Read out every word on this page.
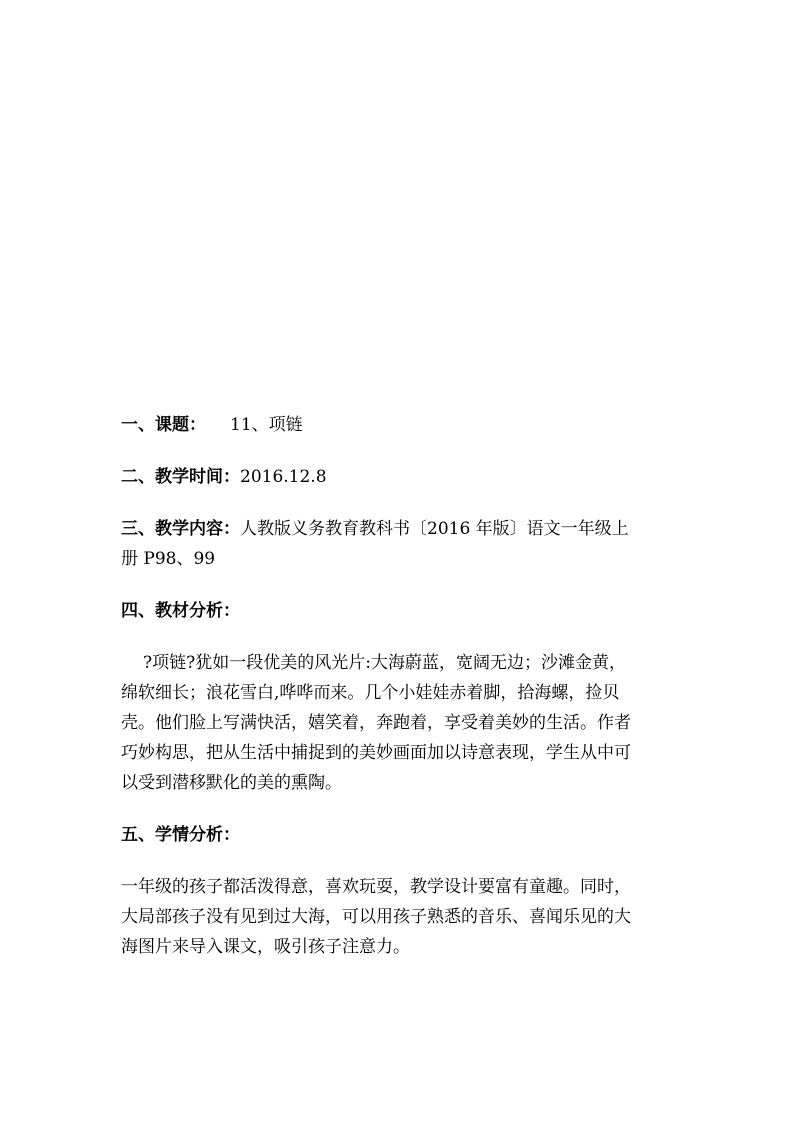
一、课题： 11、项链
二、教学时间：2016.12.8
三、教学内容：人教版义务教育教科书〔2016 年版〕语文一年级上
册 P98、99
四、教材分析：
?项链?犹如一段优美的风光片:大海蔚蓝，宽阔无边；沙滩金黄，
绵软细长；浪花雪白,哗哗而来。几个小娃娃赤着脚，拾海螺，捡贝
壳。他们脸上写满快活，嬉笑着，奔跑着，享受着美妙的生活。作者
巧妙构思，把从生活中捕捉到的美妙画面加以诗意表现，学生从中可
以受到潜移默化的美的熏陶。
五、学情分析：
一年级的孩子都活泼得意，喜欢玩耍，教学设计要富有童趣。同时，
大局部孩子没有见到过大海，可以用孩子熟悉的音乐、喜闻乐见的大
海图片来导入课文，吸引孩子注意力。
